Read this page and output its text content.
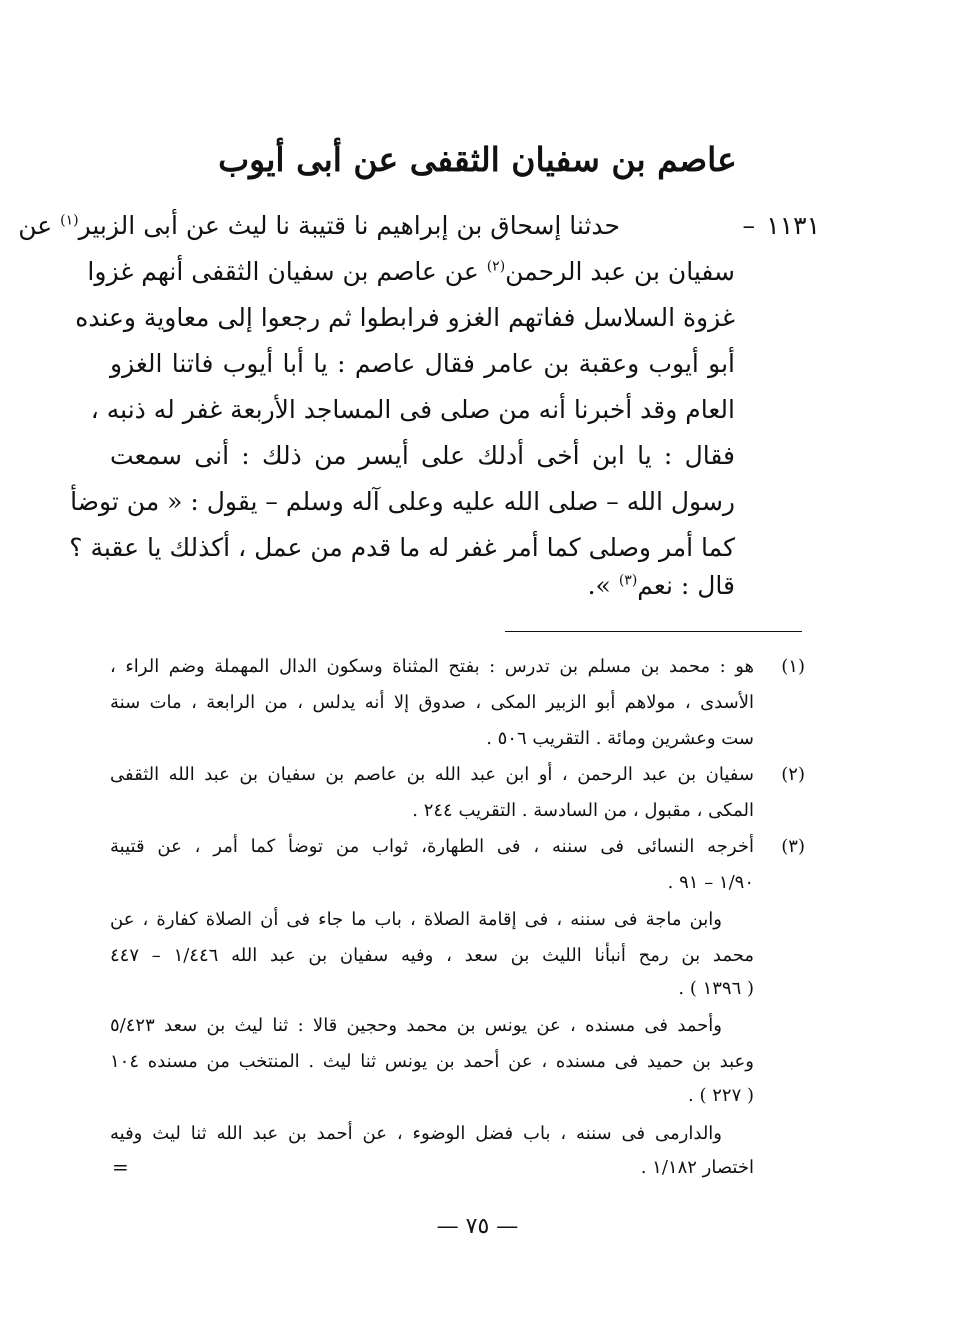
عاصم بن سفيان الثقفى عن أبى أيوب
١١٣١
–
حدثنا إسحاق بن إبراهيم نا قتيبة نا ليث عن أبى الزبير$^{(١)}$ عن
سفيان بن عبد الرحمن$^{(٢)}$ عن عاصم بن سفيان الثقفى أنهم غزوا
غزوة السلاسل ففاتهم الغزو فرابطوا ثم رجعوا إلى معاوية وعنده
أبو أيوب وعقبة بن عامر فقال عاصم : يا أبا أيوب فاتنا الغزو
العام وقد أخبرنا أنه من صلى فى المساجد الأربعة غفر له ذنبه ،
فقال : يا ابن أخى أدلك على أيسر من ذلك : أنى سمعت
رسول الله – صلى الله عليه وعلى آله وسلم – يقول : « من توضأ
كما أمر وصلى كما أمر غفر له ما قدم من عمل ، أكذلك يا عقبة ؟
قال : نعم$^{(٣)}$ ».
(١)
هو : محمد بن مسلم بن تدرس : بفتح المثناة وسكون الدال المهملة وضم الراء ،
الأسدى ، مولاهم أبو الزبير المكى ، صدوق إلا أنه يدلس ، من الرابعة ، مات سنة
ست وعشرين ومائة . التقريب ٥٠٦ .
(٢)
سفيان بن عبد الرحمن ، أو ابن عبد الله بن عاصم بن سفيان بن عبد الله الثقفى
المكى ، مقبول ، من السادسة . التقريب ٢٤٤ .
(٣)
أخرجه النسائى فى سننه ، فى الطهارة، ثواب من توضأ كما أمر ، عن قتيبة
١/٩٠ – ٩١ .
وابن ماجة فى سننه ، فى إقامة الصلاة ، باب ما جاء فى أن الصلاة كفارة ، عن
محمد بن رمح أنبأنا الليث بن سعد ، وفيه سفيان بن عبد الله ١/٤٤٦ – ٤٤٧
( ١٣٩٦ ) .
وأحمد فى مسنده ، عن يونس بن محمد وحجين قالا : ثنا ليث بن سعد ٥/٤٢٣
وعبد بن حميد فى مسنده ، عن أحمد بن يونس ثنا ليث . المنتخب من مسنده ١٠٤
( ٢٢٧ ) .
والدارمى فى سننه ، باب فضل الوضوء ، عن أحمد بن عبد الله ثنا ليث وفيه
اختصار ١/١٨٢ .
=
— ٧٥ —
